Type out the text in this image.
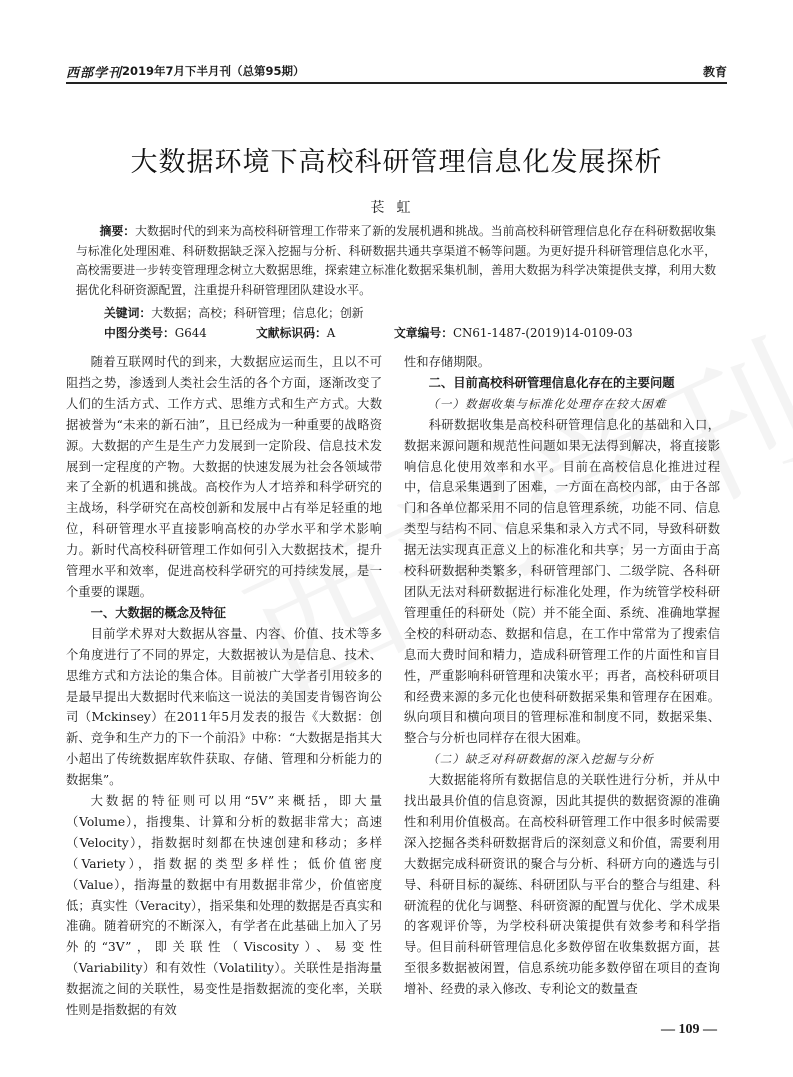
西部学刊 2019年7月下半月刊（总第95期）	教育
大数据环境下高校科研管理信息化发展探析
苌虹
摘要：大数据时代的到来为高校科研管理工作带来了新的发展机遇和挑战。当前高校科研管理信息化存在科研数据收集与标准化处理困难、科研数据缺乏深入挖掘与分析、科研数据共通共享渠道不畅等问题。为更好提升科研管理信息化水平，高校需要进一步转变管理理念树立大数据思维，探索建立标准化数据采集机制，善用大数据为科学决策提供支撑，利用大数据优化科研资源配置，注重提升科研管理团队建设水平。
关键词：大数据；高校；科研管理；信息化；创新
中图分类号：G644	文献标识码：A	文章编号：CN61-1487-(2019)14-0109-03

随着互联网时代的到来，大数据应运而生，且以不可阻挡之势，渗透到人类社会生活的各个方面，逐渐改变了人们的生活方式、工作方式、思维方式和生产方式。大数据被誉为“未来的新石油”，且已经成为一种重要的战略资源。大数据的产生是生产力发展到一定阶段、信息技术发展到一定程度的产物。大数据的快速发展为社会各领域带来了全新的机遇和挑战。高校作为人才培养和科学研究的主战场，科学研究在高校创新和发展中占有举足轻重的地位，科研管理水平直接影响高校的办学水平和学术影响力。新时代高校科研管理工作如何引入大数据技术，提升管理水平和效率，促进高校科学研究的可持续发展，是一个重要的课题。

一、大数据的概念及特征

目前学术界对大数据从容量、内容、价值、技术等多个角度进行了不同的界定，大数据被认为是信息、技术、思维方式和方法论的集合体。目前被广大学者引用较多的是最早提出大数据时代来临这一说法的美国麦肯锡咨询公司（Mckinsey）在2011年5月发表的报告《大数据：创新、竞争和生产力的下一个前沿》中称：“大数据是指其大小超出了传统数据库软件获取、存储、管理和分析能力的数据集”。

大数据的特征则可以用“5V”来概括，即大量（Volume），指搜集、计算和分析的数据非常大；高速（Velocity），指数据时刻都在快速创建和移动；多样（Variety），指数据的类型多样性；低价值密度（Value），指海量的数据中有用数据非常少，价值密度低；真实性（Veracity），指采集和处理的数据是否真实和准确。随着研究的不断深入，有学者在此基础上加入了另外的“3V”，即关联性（Viscosity）、易变性（Variability）和有效性（Volatility）。关联性是指海量数据流之间的关联性，易变性是指数据流的变化率，关联性则是指数据的有效

性和存储期限。

二、目前高校科研管理信息化存在的主要问题
（一）数据收集与标准化处理存在较大困难

科研数据收集是高校科研管理信息化的基础和入口，数据来源问题和规范性问题如果无法得到解决，将直接影响信息化使用效率和水平。目前在高校信息化推进过程中，信息采集遇到了困难，一方面在高校内部，由于各部门和各单位都采用不同的信息管理系统，功能不同、信息类型与结构不同、信息采集和录入方式不同，导致科研数据无法实现真正意义上的标准化和共享；另一方面由于高校科研数据种类繁多，科研管理部门、二级学院、各科研团队无法对科研数据进行标准化处理，作为统管学校科研管理重任的科研处（院）并不能全面、系统、准确地掌握全校的科研动态、数据和信息，在工作中常常为了搜索信息而大费时间和精力，造成科研管理工作的片面性和盲目性，严重影响科研管理和决策水平；再者，高校科研项目和经费来源的多元化也使科研数据采集和管理存在困难。纵向项目和横向项目的管理标准和制度不同，数据采集、整合与分析也同样存在很大困难。

（二）缺乏对科研数据的深入挖掘与分析

大数据能将所有数据信息的关联性进行分析，并从中找出最具价值的信息资源，因此其提供的数据资源的准确性和利用价值极高。在高校科研管理工作中很多时候需要深入挖掘各类科研数据背后的深刻意义和价值，需要利用大数据完成科研资讯的聚合与分析、科研方向的遴选与引导、科研目标的凝练、科研团队与平台的整合与组建、科研流程的优化与调整、科研资源的配置与优化、学术成果的客观评价等，为学校科研决策提供有效参考和科学指导。但目前科研管理信息化多数停留在收集数据方面，甚至很多数据被闲置，信息系统功能多数停留在项目的查询增补、经费的录入修改、专利论文的数量查

— 109 —
